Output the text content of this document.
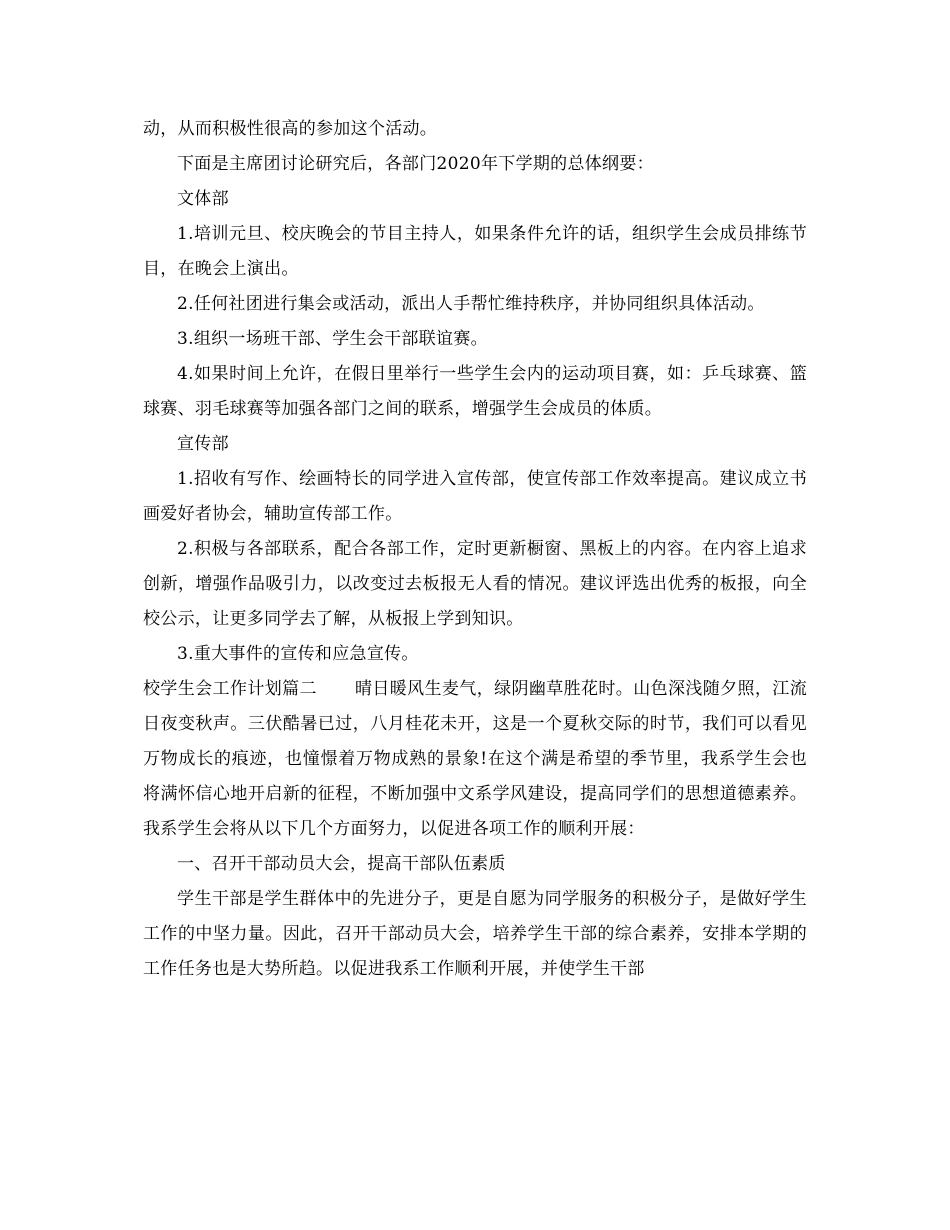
动，从而积极性很高的参加这个活动。

下面是主席团讨论研究后，各部门2020年下学期的总体纲要：

文体部

1.培训元旦、校庆晚会的节目主持人，如果条件允许的话，组织学生会成员排练节目，在晚会上演出。

2.任何社团进行集会或活动，派出人手帮忙维持秩序，并协同组织具体活动。

3.组织一场班干部、学生会干部联谊赛。

4.如果时间上允许，在假日里举行一些学生会内的运动项目赛，如：乒乓球赛、篮球赛、羽毛球赛等加强各部门之间的联系，增强学生会成员的体质。

宣传部

1.招收有写作、绘画特长的同学进入宣传部，使宣传部工作效率提高。建议成立书画爱好者协会，辅助宣传部工作。

2.积极与各部联系，配合各部工作，定时更新橱窗、黑板上的内容。在内容上追求创新，增强作品吸引力，以改变过去板报无人看的情况。建议评选出优秀的板报，向全校公示，让更多同学去了解，从板报上学到知识。

3.重大事件的宣传和应急宣传。

校学生会工作计划篇二 晴日暖风生麦气，绿阴幽草胜花时。山色深浅随夕照，江流日夜变秋声。三伏酷暑已过，八月桂花未开，这是一个夏秋交际的时节，我们可以看见万物成长的痕迹，也憧憬着万物成熟的景象!在这个满是希望的季节里，我系学生会也将满怀信心地开启新的征程，不断加强中文系学风建设，提高同学们的思想道德素养。我系学生会将从以下几个方面努力，以促进各项工作的顺利开展：

一、召开干部动员大会，提高干部队伍素质

学生干部是学生群体中的先进分子，更是自愿为同学服务的积极分子，是做好学生工作的中坚力量。因此，召开干部动员大会，培养学生干部的综合素养，安排本学期的工作任务也是大势所趋。以促进我系工作顺利开展，并使学生干部
